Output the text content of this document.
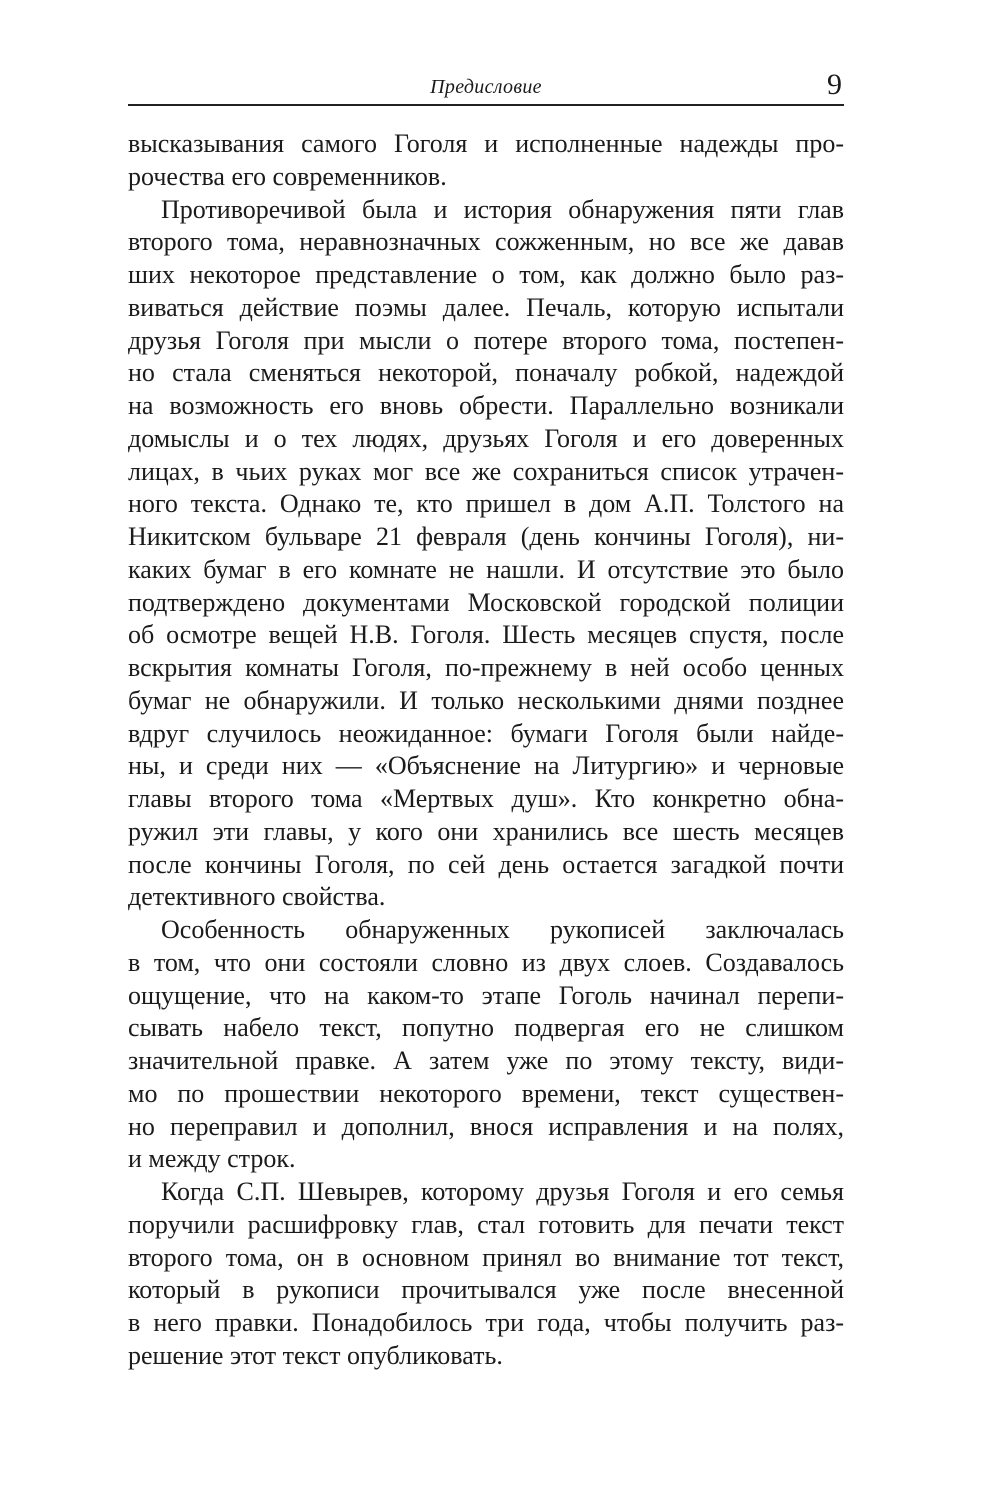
Предисловие	9
высказывания самого Гоголя и исполненные надежды про-
рочества его современников.
Противоречивой была и история обнаружения пяти глав
второго тома, неравнозначных сожженным, но все же давав
ших некоторое представление о том, как должно было раз-
виваться действие поэмы далее. Печаль, которую испытали
друзья Гоголя при мысли о потере второго тома, постепен-
но стала сменяться некоторой, поначалу робкой, надеждой
на возможность его вновь обрести. Параллельно возникали
домыслы и о тех людях, друзьях Гоголя и его доверенных
лицах, в чьих руках мог все же сохраниться список утрачен-
ного текста. Однако те, кто пришел в дом А.П. Толстого на
Никитском бульваре 21 февраля (день кончины Гоголя), ни-
каких бумаг в его комнате не нашли. И отсутствие это было
подтверждено документами Московской городской полиции
об осмотре вещей Н.В. Гоголя. Шесть месяцев спустя, после
вскрытия комнаты Гоголя, по-прежнему в ней особо ценных
бумаг не обнаружили. И только несколькими днями позднее
вдруг случилось неожиданное: бумаги Гоголя были найде-
ны, и среди них — «Объяснение на Литургию» и черновые
главы второго тома «Мертвых душ». Кто конкретно обна-
ружил эти главы, у кого они хранились все шесть месяцев
после кончины Гоголя, по сей день остается загадкой почти
детективного свойства.
Особенность обнаруженных рукописей заключалась
в том, что они состояли словно из двух слоев. Создавалось
ощущение, что на каком-то этапе Гоголь начинал перепи-
сывать набело текст, попутно подвергая его не слишком
значительной правке. А затем уже по этому тексту, види-
мо по прошествии некоторого времени, текст существен-
но переправил и дополнил, внося исправления и на полях,
и между строк.
Когда С.П. Шевырев, которому друзья Гоголя и его семья
поручили расшифровку глав, стал готовить для печати текст
второго тома, он в основном принял во внимание тот текст,
который в рукописи прочитывался уже после внесенной
в него правки. Понадобилось три года, чтобы получить раз-
решение этот текст опубликовать.
